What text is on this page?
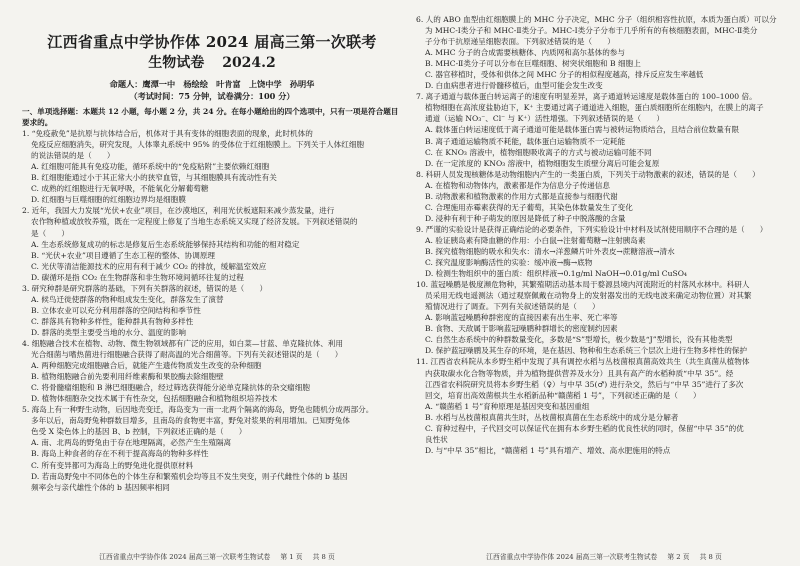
江西省重点中学协作体 2024 届高三第一次联考
生物试卷 2024.2
命题人：鹰潭一中　杨绘绘　叶肯富　上饶中学　孙明华
（考试时间：75 分钟，试卷满分：100 分）
一、单项选择题：本题共 12 小题，每小题 2 分，共 24 分。在每小题给出的四个选项中，只有一项是符合题目要求的。
1. “免疫赦免”是抗原与抗体结合后，机体对于具有变体的细胞表面的现象，此时机体的
免疫反应细胞消失，研究发现，人体睾丸系统中 95% 的受体位于红细胞膜上。下列关于人体红细胞
的说法错误的是（　　）
A. 红细胞可能具有免疫功能，循环系统中的“免疫粘附”主要依赖红细胞
B. 红细胞能通过小于其正常大小的狭窄血管，与其细胞膜具有流动性有关
C. 成熟的红细胞进行无氧呼吸，不能氧化分解葡萄糖
D. 红细胞与巨噬细胞的红细胞边界均是细胞膜
2. 近年，我国大力发展“光伏+农业”项目，在沙漠地区，利用光伏板遮阳来减少蒸发量，进行
农作物种植或放牧养殖，既在一定程度上修复了当地生态系统又实现了经济发展。下列叙述错误的
是（　　）
A. 生态系统修复成功的标志是修复后生态系统能够保持其结构和功能的相对稳定
B. “光伏+农业”项目遵循了生态工程的整体、协调原理
C. 光伏等清洁能源技术的应用有利于减少 CO₂ 的排放，缓解温室效应
D. 碳循环是指 CO₂ 在生物群落和非生物环境间循环往复的过程
3. 研究种群是研究群落的基础，下列有关群落的叙述，错误的是（　　）
A. 候鸟迁徙使群落的物种组成发生变化，群落发生了演替
B. 立体农业可以充分利用群落的空间结构和季节性
C. 群落具有物种多样性，能种群具有物种多样性
D. 群落的类型主要受当地的水分、温度的影响
4. 细胞融合技术在植物、动物、微生物领域都有广泛的应用，如白菜—甘蓝、单克隆抗体、利用
光合细菌与嗜热菌进行细胞融合获得了耐高温的光合细菌等。下列有关叙述错误的是（　　）
A. 两种细胞完成细胞融合后，就能产生遗传物质发生改变的杂种细胞
B. 植物细胞融合前先要利用纤维素酶和果胶酶去除细胞壁
C. 将骨髓瘤细胞和 B 淋巴细胞融合，经过筛选获得能分泌单克隆抗体的杂交瘤细胞
D. 植物体细胞杂交技术属于有性杂交，包括细胞融合和植物组织培养技术
5. 海岛上有一种野生动物，后因地壳变迁，海岛变为一南一北两个隔离的海岛，野兔也随机分成两部分。
多年以后，南岛野兔种群数目增多，且南岛的食物更丰富，野兔对浆果的利用增加。已知野兔体
色受 X 染色体上的基因 B、b 控制，下列叙述正确的是（　　）
A. 南、北两岛的野兔由于存在地理隔离，必然产生生殖隔离
B. 海岛上种食者的存在不利于提高海岛的物种多样性
C. 所有变异都可为海岛上的野兔进化提供原材料
D. 若南岛野兔中不同体色的个体生存和繁殖机会均等且不发生突变，则子代雌性个体的 b 基因
频率会与亲代雄性个体的 b 基因频率相同
江西省重点中学协作体 2024 届高三第一次联考生物试卷 第 1 页 共 8 页
6. 人的 ABO 血型由红细胞膜上的 MHC 分子决定，MHC 分子（组织相容性抗原，本质为蛋白质）可以分
为 MHC-Ⅰ类分子和 MHC-Ⅱ类分子。MHC-Ⅰ类分子分布于几乎所有的有核细胞表面，MHC-Ⅱ类分
子分布于抗原递呈细胞表面。下列叙述错误的是（　　）
A. MHC 分子的合成需要核糖体、内质网和高尔基体的参与
B. MHC-Ⅱ类分子可以分布在巨噬细胞、树突状细胞和 B 细胞上
C. 器官移植时，受体和供体之间 MHC 分子的相似程度越高，排斥反应发生率越低
D. 白血病患者进行骨髓移植后，血型可能会发生改变
7. 离子通道与载体蛋白转运离子的速度有明显差异，离子通道转运速度是载体蛋白的 100–1000 倍。
植物细胞在高浓度盐胁迫下，K⁺ 主要通过离子通道进入细胞，蛋白质细胞所在细胞内，在膜上的离子
通道（运输 NO₃⁻、Cl⁻ 与 K⁺）活性增强。下列叙述错误的是（　　）
A. 载体蛋白转运速度低于离子通道可能是载体蛋白需与被转运物质结合，且结合前位数量有限
B. 离子通道运输物质不耗能，载体蛋白运输物质不一定耗能
C. 在 KNO₃ 溶液中，植物细胞吸收离子的方式与被动运输可能不同
D. 在一定浓度的 KNO₃ 溶液中，植物细胞发生质壁分离后可能会复原
8. 科研人员发现核糖体是动物细胞内产生的一类蛋白质，下列关于动物激素的叙述，错误的是（　　）
A. 在植物和动物体内，激素都是作为信息分子传递信息
B. 动物激素和植物激素的作用方式都是直接参与细胞代谢
C. 合理施用赤霉素获得的无子葡萄，其染色体数量发生了变化
D. 浸种有利于种子萌发的原因是降低了种子中脱落酸的含量
9. 严谨的实验设计是获得正确结论的必要条件，下列实验设计中材料及试剂使用顺序不合理的是（　　）
A. 验证胰岛素有降血糖的作用：小白鼠→注射葡萄糖→注射胰岛素
B. 探究植物细胞的吸水和失水：清水→洋葱鳞片叶外表皮→蔗糖溶液→清水
C. 探究温度影响酶活性的实验：缓冲液→酶→底物
D. 检测生物组织中的蛋白质：组织样液→0.1g/ml NaOH→0.01g/ml CuSO₄
10. 蓝冠噪鹛是极度濒危物种，其繁殖期活动基本局于婺源县境内河流附近的村落风水林中。科研人
员采用无线电遥测法（通过观察佩戴在动物身上的发射器发出的无线电波来确定动物位置）对其繁
殖情况进行了调查。下列有关叙述错误的是（　　）
A. 影响蓝冠噪鹛种群密度的直接因素有出生率、死亡率等
B. 食物、天敌属于影响蓝冠噪鹛种群增长的密度制约因素
C. 自然生态系统中的种群数量变化，多数是“S”型增长，极少数是“J”型增长，没有其他类型
D. 保护蓝冠噪鹛及其生存的环境，是在基因、物种和生态系统三个层次上进行生物多样性的保护
11. 江西省农科院从本乡野生稻中发现了具有调控水稻与丛枝菌根真菌高效共生（共生真菌从植物体
内获取碳水化合物等物质，并为植物提供营养及水分）且具有高产的水稻种质“中早 35”。经
江西省农科院研究员将本乡野生稻（♀）与中早 35(♂) 进行杂交，然后与“中早 35”进行了多次
回交，培育出高效菌根共生水稻新品种“赣菌稻 1 号”，下列叙述正确的是（　　）
A. “赣菌稻 1 号”育种原理是基因突变和基因重组
B. 水稻与丛枝菌根真菌共生时，丛枝菌根真菌在生态系统中的成分是分解者
C. 育种过程中，子代回交可以保证代在拥有本乡野生稻的优良性状的同时，保留“中早 35”的优
良性状
D. 与“中早 35”相比，“赣菌稻 1 号”具有增产、增效、高水肥施用的特点
江西省重点中学协作体 2024 届高三第一次联考生物试卷 第 2 页 共 8 页
